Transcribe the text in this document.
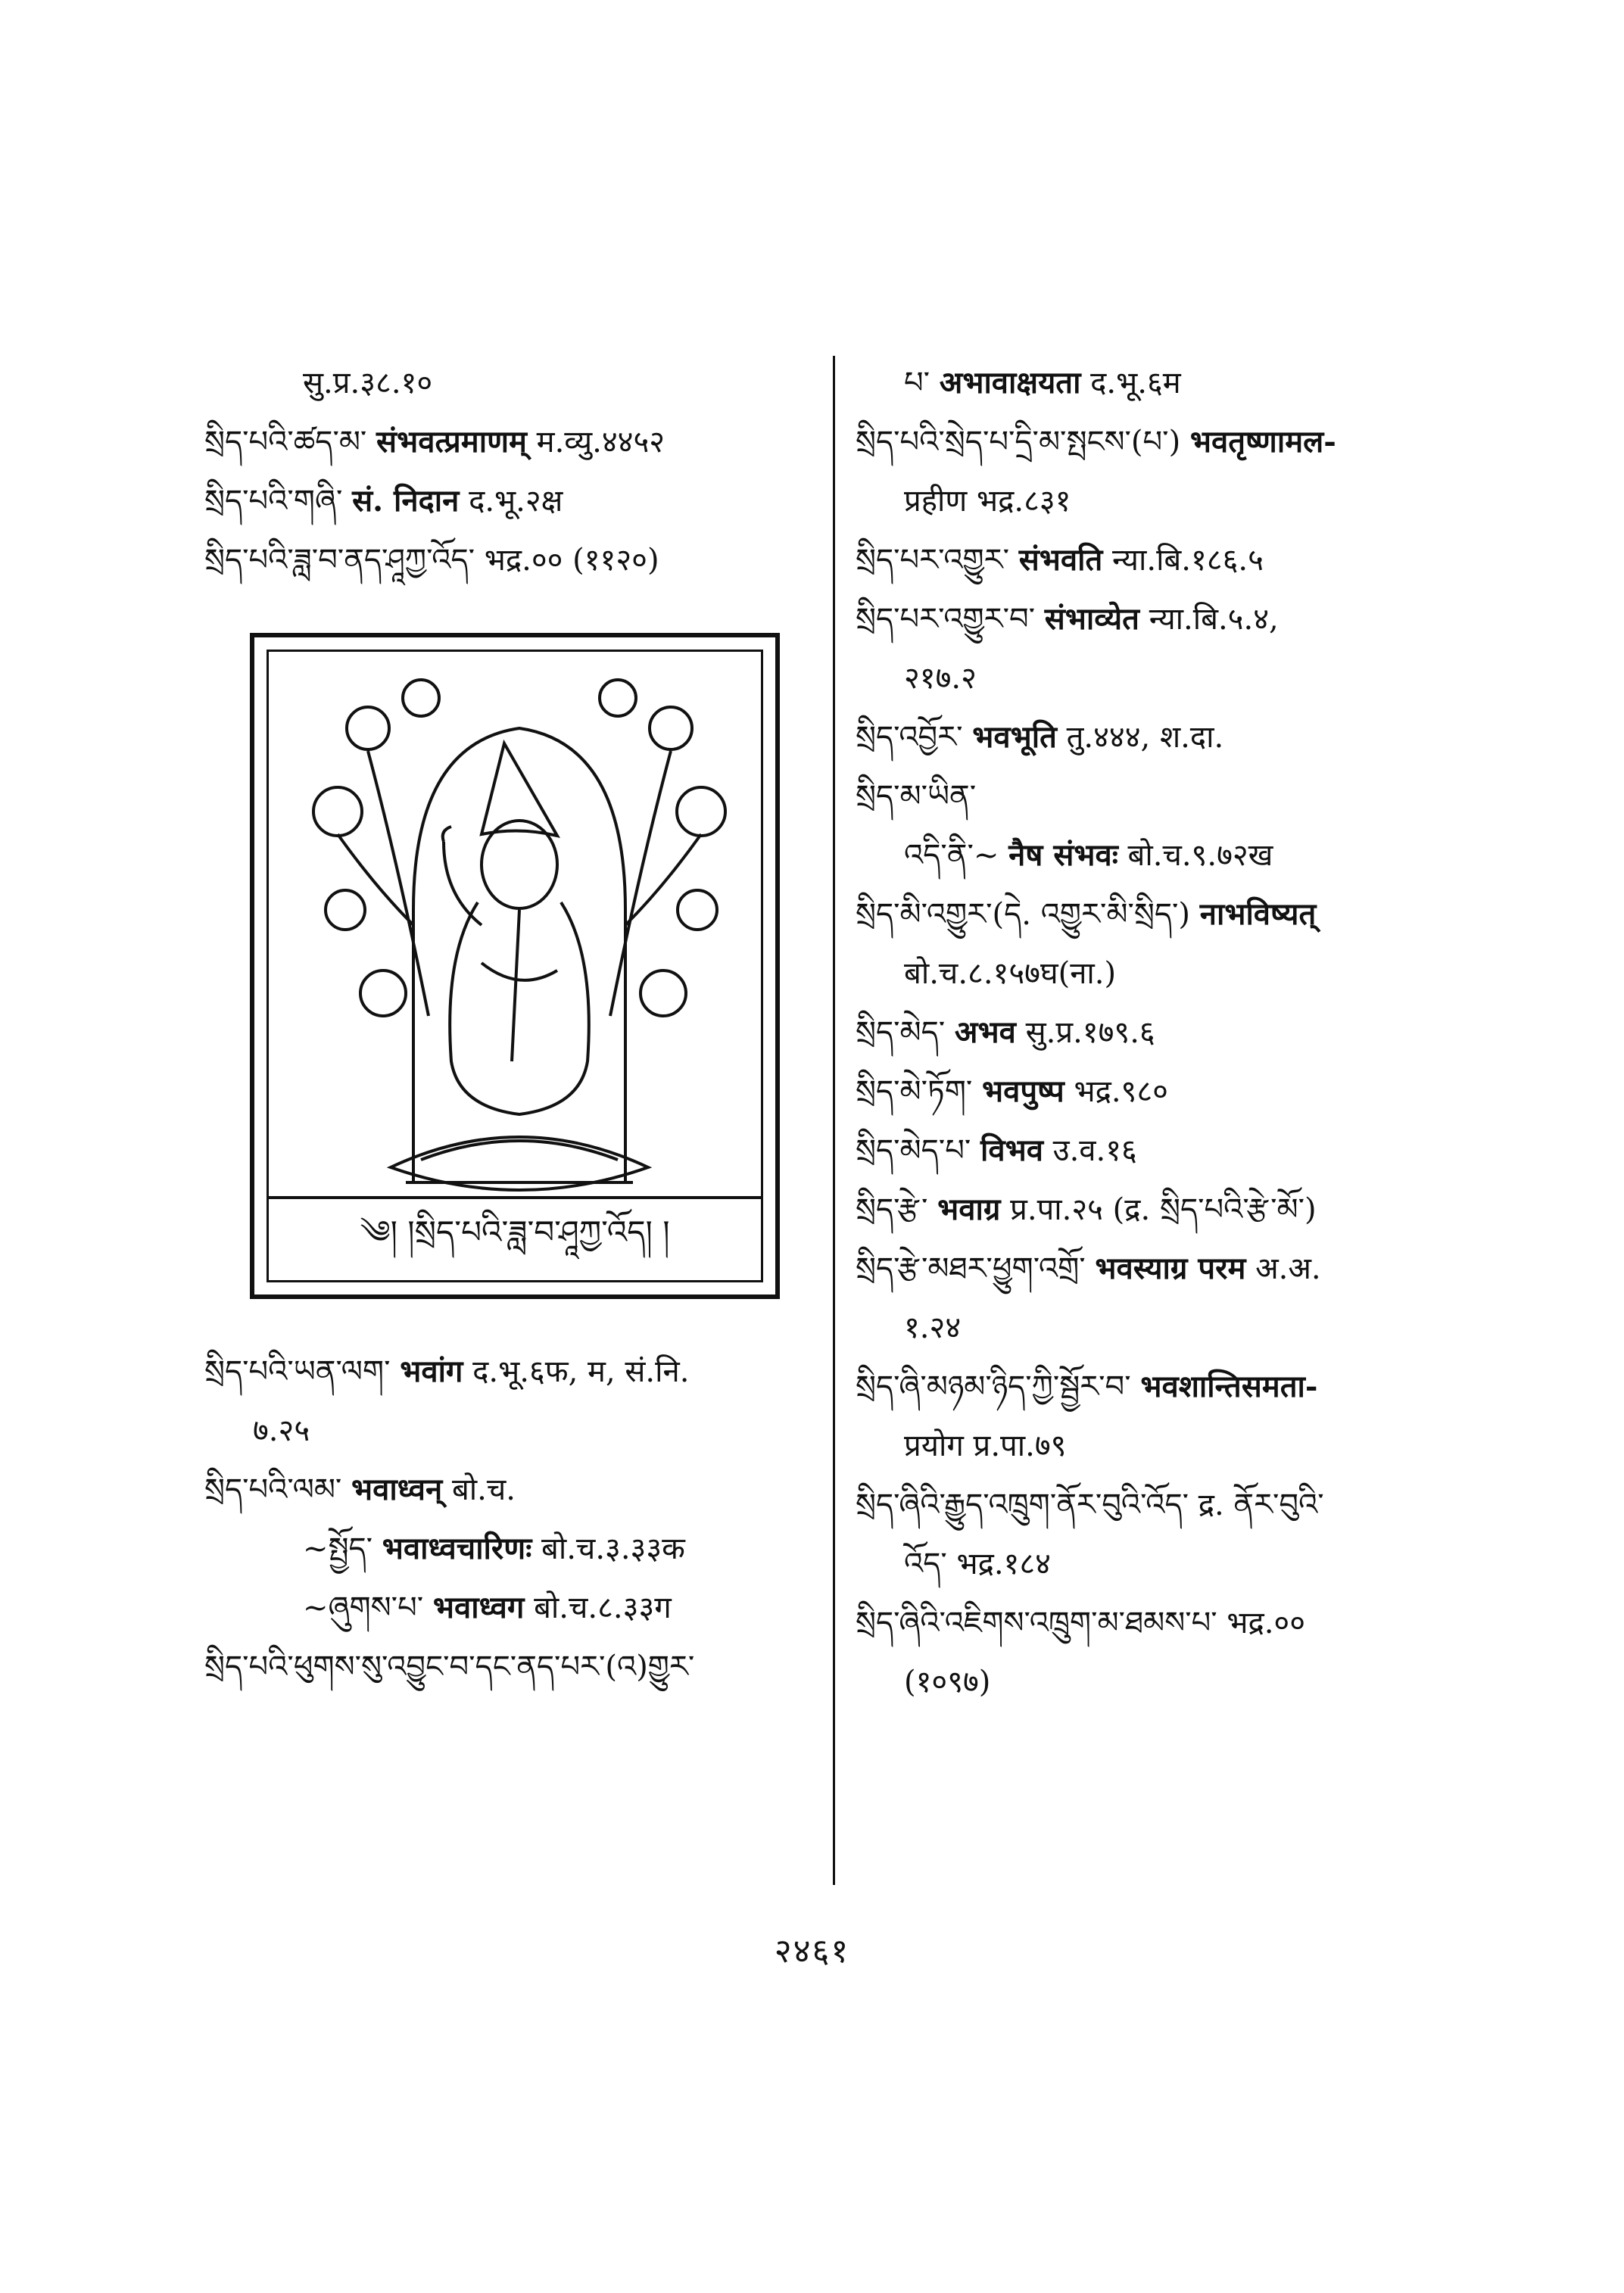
सु.प्र.३८.१०
སྲིད་པའི་ཚད་མ་ संभवत्प्रमाणम् म.व्यु.४४५२
སྲིད་པའི་གཞི་ सं. निदान द.भू.२क्ष
སྲིད་པའི་ཟླ་བ་ནད་ཤཱཀྱ་འོད་ भद्र.०० (११२०)
༄། །སྲིད་པའི་ཟླ་བ་ཤཱཀྱ་འོད། །
སྲིད་པའི་ཡན་ལག་ भवांग द.भू.६फ, म, सं.नि.
७.२५
སྲིད་པའི་ལམ་ भवाध्वन् बो.च.
~སྤྱོད་ भवाध्वचारिणः बो.च.३.३३क
~ཞུགས་པ་ भवाध्वग बो.च.८.३३ग
སྲིད་པའི་ཕུགས་སུ་འབྱུང་བ་དང་ནད་པར་(འ)གྱུར་
པ་ अभावाक्षयता द.भू.६म
སྲིད་པའི་སྲེད་པ་དྲི་མ་སྤངས་(པ་) भवतृष्णामल-
प्रहीण भद्र.८३१
སྲིད་པར་འགྱུར་ संभवति न्या.बि.१८६.५
སྲིད་པར་འགྱུར་བ་ संभाव्येत न्या.बि.५.४,
२१७.२
སྲིད་འབྱོར་ भवभूति तु.४४४, श.दा.
སྲིད་མ་ཡིན་
འདི་ནི་~ नैष संभवः बो.च.९.७२ख
སྲིད་མི་འགྱུར་(དེ. འགྱུར་མི་སྲིད་) नाभविष्यत्
बो.च.८.१५७घ(ना.)
སྲིད་མེད་ अभव सु.प्र.१७९.६
སྲིད་མེ་ཏོག་ भवपुष्प भद्र.९८०
སྲིད་མེད་པ་ विभव उ.व.१६
སྲིད་རྩེ་ भवाग्र प्र.पा.२५ (द्र. སྲིད་པའི་རྩེ་མོ་)
སྲིད་རྩེ་མཐར་ཕྱུག་འགྲོ་ भवस्याग्र परम अ.अ.
१.२४
སྲིད་ཞི་མཉམ་ཉིད་ཀྱི་སྦྱོར་བ་ भवशान्तिसमता-
प्रयोग प्र.पा.७९
སྲིད་ཞིའི་རྒྱུད་འཁྲུག་ནོར་བུའི་འོད་ द्र. ནོར་བུའི་
འོད་ भद्र.१८४
སྲིད་ཞིའི་འཇིགས་འཁྲུག་མ་ཐམས་པ་ भद्र.००
(१०९७)
२४६१
